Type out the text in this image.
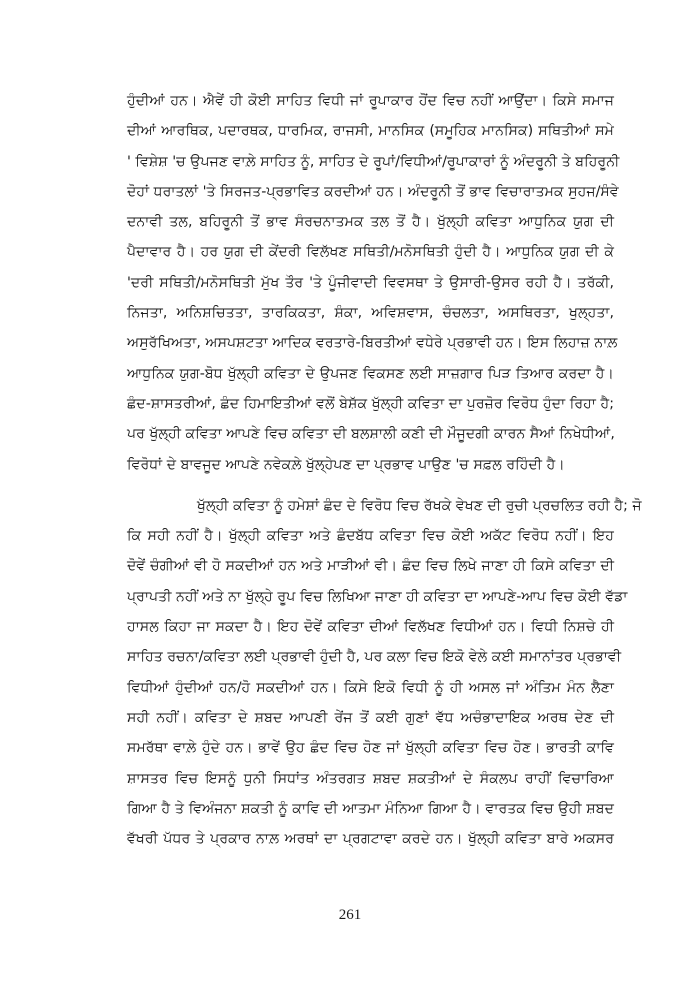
ਹੁੰਦੀਆਂ ਹਨ। ਐਵੇਂ ਹੀ ਕੋਈ ਸਾਹਿਤ ਵਿਧੀ ਜਾਂ ਰੂਪਾਕਾਰ ਹੋਂਦ ਵਿਚ ਨਹੀਂ ਆਉਂਦਾ। ਕਿਸੇ ਸਮਾਜ
ਦੀਆਂ ਆਰਥਿਕ, ਪਦਾਰਥਕ, ਧਾਰਮਿਕ, ਰਾਜਸੀ, ਮਾਨਸਿਕ (ਸਮੂਹਿਕ ਮਾਨਸਿਕ) ਸਥਿਤੀਆਂ ਸਮੇ
' ਵਿਸ਼ੇਸ਼ 'ਚ ਉਪਜਣ ਵਾਲ਼ੇ ਸਾਹਿਤ ਨੂੰ, ਸਾਹਿਤ ਦੇ ਰੂਪਾਂ/ਵਿਧੀਆਂ/ਰੂਪਾਕਾਰਾਂ ਨੂੰ ਅੰਦਰੂਨੀ ਤੇ ਬਹਿਰੂਨੀ
ਦੋਹਾਂ ਧਰਾਤਲਾਂ 'ਤੇ ਸਿਰਜਤ-ਪ੍ਰਭਾਵਿਤ ਕਰਦੀਆਂ ਹਨ। ਅੰਦਰੂਨੀ ਤੋਂ ਭਾਵ ਵਿਚਾਰਾਤਮਕ ਸੁਹਜ/ਸੰਵੇ
ਦਨਾਵੀ ਤਲ, ਬਹਿਰੂਨੀ ਤੋਂ ਭਾਵ ਸੰਰਚਨਾਤਮਕ ਤਲ ਤੋਂ ਹੈ। ਖੁੱਲ੍ਹੀ ਕਵਿਤਾ ਆਧੁਨਿਕ ਯੁਗ ਦੀ
ਪੈਦਾਵਾਰ ਹੈ। ਹਰ ਯੁਗ ਦੀ ਕੇਂਦਰੀ ਵਿਲੱਖਣ ਸਥਿਤੀ/ਮਨੋਸਥਿਤੀ ਹੁੰਦੀ ਹੈ। ਆਧੁਨਿਕ ਯੁਗ ਦੀ ਕੇ
'ਦਰੀ ਸਥਿਤੀ/ਮਨੋਸਥਿਤੀ ਮੁੱਖ ਤੌਰ 'ਤੇ ਪੂੰਜੀਵਾਦੀ ਵਿਵਸਥਾ ਤੇ ਉਸਾਰੀ-ਉਸਰ ਰਹੀ ਹੈ। ਤਰੱਕੀ,
ਨਿਜਤਾ, ਅਨਿਸ਼ਚਿਤਤਾ, ਤਾਰਕਿਕਤਾ, ਸ਼ੰਕਾ, ਅਵਿਸ਼ਵਾਸ, ਚੰਚਲਤਾ, ਅਸਥਿਰਤਾ, ਖੁਲ੍ਹਤਾ,
ਅਸੁਰੱਖਿਅਤਾ, ਅਸਪਸ਼ਟਤਾ ਆਦਿਕ ਵਰਤਾਰੇ-ਬਿਰਤੀਆਂ ਵਧੇਰੇ ਪ੍ਰਭਾਵੀ ਹਨ। ਇਸ ਲਿਹਾਜ਼ ਨਾਲ਼
ਆਧੁਨਿਕ ਯੁਗ-ਬੋਧ ਖੁੱਲ੍ਹੀ ਕਵਿਤਾ ਦੇ ਉਪਜਣ ਵਿਕਸਣ ਲਈ ਸਾਜ਼ਗਾਰ ਪਿੜ ਤਿਆਰ ਕਰਦਾ ਹੈ।
ਛੰਦ-ਸ਼ਾਸਤਰੀਆਂ, ਛੰਦ ਹਿਮਾਇਤੀਆਂ ਵਲੋਂ ਬੇਸ਼ੱਕ ਖੁੱਲ੍ਹੀ ਕਵਿਤਾ ਦਾ ਪੁਰਜ਼ੋਰ ਵਿਰੋਧ ਹੁੰਦਾ ਰਿਹਾ ਹੈ;
ਪਰ ਖੁੱਲ੍ਹੀ ਕਵਿਤਾ ਆਪਣੇ ਵਿਚ ਕਵਿਤਾ ਦੀ ਬਲਸ਼ਾਲੀ ਕਣੀ ਦੀ ਮੌਜੂਦਗੀ ਕਾਰਨ ਸੈਆਂ ਨਿਖੇਧੀਆਂ,
ਵਿਰੋਧਾਂ ਦੇ ਬਾਵਜੂਦ ਆਪਣੇ ਨਵੇਕਲ਼ੇ ਖੁੱਲ੍ਹੇਪਣ ਦਾ ਪ੍ਰਭਾਵ ਪਾਉਣ 'ਚ ਸਫ਼ਲ ਰਹਿੰਦੀ ਹੈ।
ਖੁੱਲ੍ਹੀ ਕਵਿਤਾ ਨੂੰ ਹਮੇਸ਼ਾਂ ਛੰਦ ਦੇ ਵਿਰੋਧ ਵਿਚ ਰੱਖਕੇ ਵੇਖਣ ਦੀ ਰੁਚੀ ਪ੍ਰਚਲਿਤ ਰਹੀ ਹੈ; ਜੋ
ਕਿ ਸਹੀ ਨਹੀਂ ਹੈ। ਖੁੱਲ੍ਹੀ ਕਵਿਤਾ ਅਤੇ ਛੰਦਬੱਧ ਕਵਿਤਾ ਵਿਚ ਕੋਈ ਅਕੱਟ ਵਿਰੋਧ ਨਹੀਂ। ਇਹ
ਦੋਵੇਂ ਚੰਗੀਆਂ ਵੀ ਹੋ ਸਕਦੀਆਂ ਹਨ ਅਤੇ ਮਾੜੀਆਂ ਵੀ। ਛੰਦ ਵਿਚ ਲਿਖੇ ਜਾਣਾ ਹੀ ਕਿਸੇ ਕਵਿਤਾ ਦੀ
ਪ੍ਰਾਪਤੀ ਨਹੀਂ ਅਤੇ ਨਾ ਖੁੱਲ੍ਹੇ ਰੂਪ ਵਿਚ ਲਿਖਿਆ ਜਾਣਾ ਹੀ ਕਵਿਤਾ ਦਾ ਆਪਣੇ-ਆਪ ਵਿਚ ਕੋਈ ਵੱਡਾ
ਹਾਸਲ ਕਿਹਾ ਜਾ ਸਕਦਾ ਹੈ। ਇਹ ਦੋਵੇਂ ਕਵਿਤਾ ਦੀਆਂ ਵਿਲੱਖਣ ਵਿਧੀਆਂ ਹਨ। ਵਿਧੀ ਨਿਸ਼ਚੇ ਹੀ
ਸਾਹਿਤ ਰਚਨਾ/ਕਵਿਤਾ ਲਈ ਪ੍ਰਭਾਵੀ ਹੁੰਦੀ ਹੈ, ਪਰ ਕਲਾ ਵਿਚ ਇਕੋ ਵੇਲੇ ਕਈ ਸਮਾਨਾਂਤਰ ਪ੍ਰਭਾਵੀ
ਵਿਧੀਆਂ ਹੁੰਦੀਆਂ ਹਨ/ਹੋ ਸਕਦੀਆਂ ਹਨ। ਕਿਸੇ ਇਕੋ ਵਿਧੀ ਨੂੰ ਹੀ ਅਸਲ ਜਾਂ ਅੰਤਿਮ ਮੰਨ ਲੈਣਾ
ਸਹੀ ਨਹੀਂ। ਕਵਿਤਾ ਦੇ ਸ਼ਬਦ ਆਪਣੀ ਰੇਂਜ ਤੋਂ ਕਈ ਗੁਣਾਂ ਵੱਧ ਅਚੰਭਾਦਾਇਕ ਅਰਥ ਦੇਣ ਦੀ
ਸਮਰੱਥਾ ਵਾਲ਼ੇ ਹੁੰਦੇ ਹਨ। ਭਾਵੇਂ ਉਹ ਛੰਦ ਵਿਚ ਹੋਣ ਜਾਂ ਖੁੱਲ੍ਹੀ ਕਵਿਤਾ ਵਿਚ ਹੋਣ। ਭਾਰਤੀ ਕਾਵਿ
ਸ਼ਾਸਤਰ ਵਿਚ ਇਸਨੂੰ ਧੁਨੀ ਸਿਧਾਂਤ ਅੰਤਰਗਤ ਸ਼ਬਦ ਸ਼ਕਤੀਆਂ ਦੇ ਸੰਕਲਪ ਰਾਹੀਂ ਵਿਚਾਰਿਆ
ਗਿਆ ਹੈ ਤੇ ਵਿਅੰਜਨਾ ਸ਼ਕਤੀ ਨੂੰ ਕਾਵਿ ਦੀ ਆਤਮਾ ਮੰਨਿਆ ਗਿਆ ਹੈ। ਵਾਰਤਕ ਵਿਚ ਉਹੀ ਸ਼ਬਦ
ਵੱਖਰੀ ਪੱਧਰ ਤੇ ਪ੍ਰਕਾਰ ਨਾਲ਼ ਅਰਥਾਂ ਦਾ ਪ੍ਰਗਟਾਵਾ ਕਰਦੇ ਹਨ। ਖੁੱਲ੍ਹੀ ਕਵਿਤਾ ਬਾਰੇ ਅਕਸਰ
261
